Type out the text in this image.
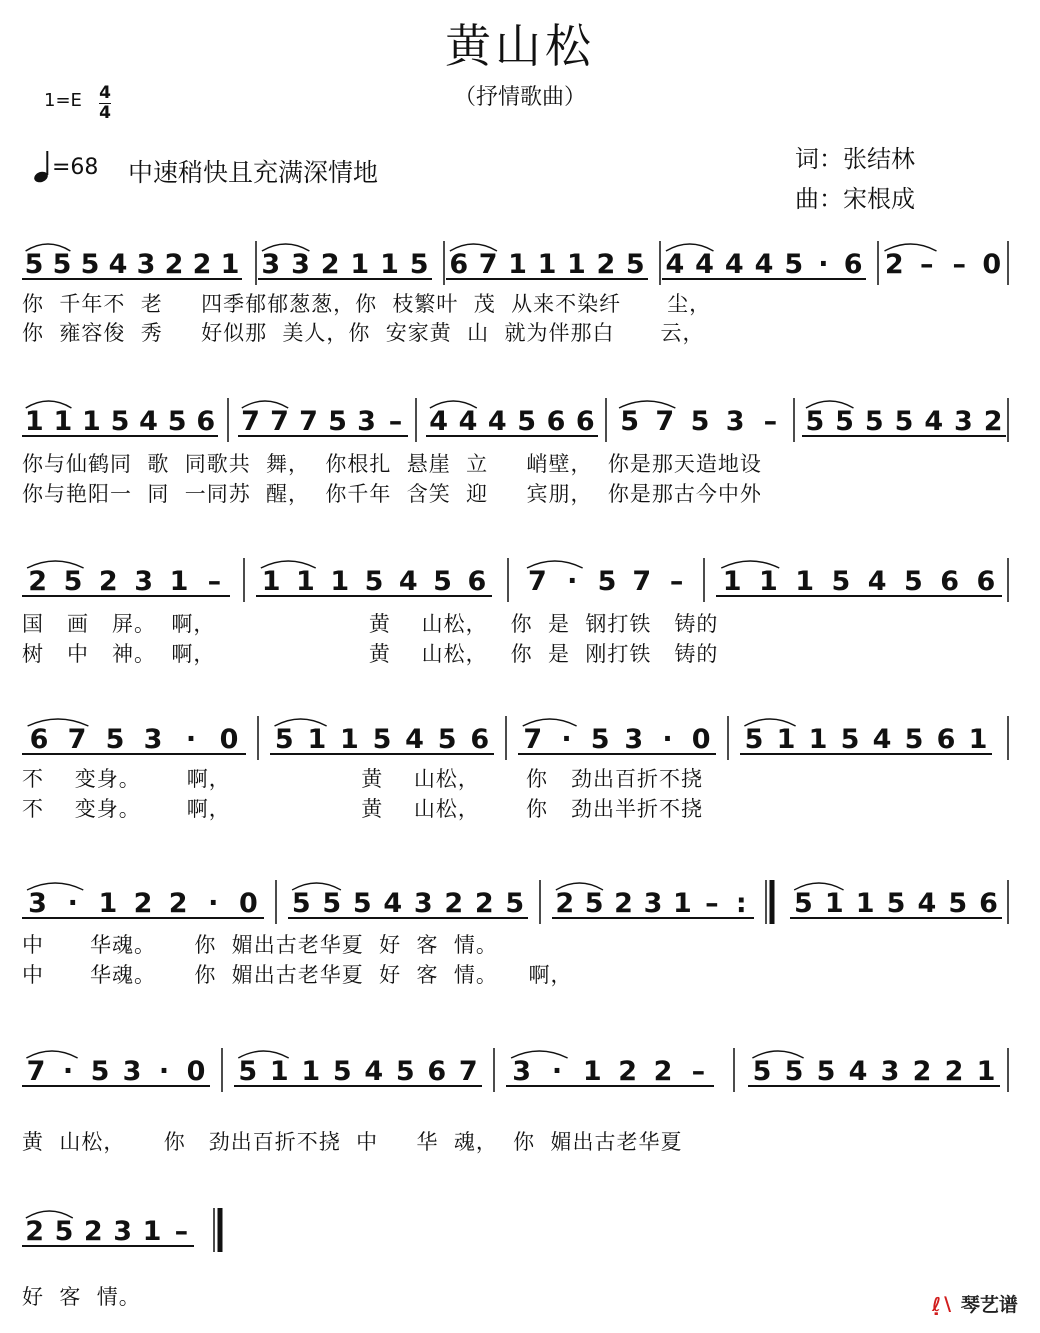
黄山松
（抒情歌曲）
1=E 4
4
=68 中速稍快且充满深情地	词：张结林
曲：宋根成
5 5 5 4 3 2 2 1 3 3 2 1 1 5 6 7 1 1 1 2 5 4 4 4 4 5 · 6 2 – – 0
1 1 1 5 4 5 6 7 7 7 5 3 – 4 4 4 5 6 6 5 7 5 3 – 5 5 5 5 4 3 2
2 5 2 3 1 – 1 1 1 5 4 5 6 7 · 5 7 – 1 1 1 5 4 5 6 6
6 7 5 3 · 0 5 1 1 5 4 5 6 7 · 5 3 · 0 5 1 1 5 4 5 6 1
3 · 1 2 2 · 0 5 5 5 4 3 2 2 5 2 5 2 3 1 – : 5 1 1 5 4 5 6
7 · 5 3 · 0 5 1 1 5 4 5 6 7 3 · 1 2 2 – 5 5 5 4 3 2 2 1
2 5 2 3 1 –
你  千年不  老     四季郁郁葱葱，你  枝繁叶  茂  从来不染纤      尘，
你  雍容俊  秀     好似那  美人，你  安家黄  山  就为伴那白      云，
你与仙鹤同  歌  同歌共  舞，  你根扎  悬崖  立     峭壁，  你是那天造地设
你与艳阳一  同  一同苏  醒，  你千年  含笑  迎     宾朋，  你是那古今中外
国   画   屏。  啊，                    黄    山松，   你  是  钢打铁   铸的
树   中   神。  啊，                    黄    山松，   你  是  刚打铁   铸的
不    变身。      啊，                 黄    山松，      你   劲出百折不挠
不    变身。      啊，                 黄    山松，      你   劲出半折不挠
中      华魂。     你  媚出古老华夏  好  客  情。
中      华魂。     你  媚出古老华夏  好  客  情。    啊，
黄  山松，     你   劲出百折不挠  中     华  魂，  你  媚出古老华夏
好  客  情。	ℓ̣∖ 琴艺谱
